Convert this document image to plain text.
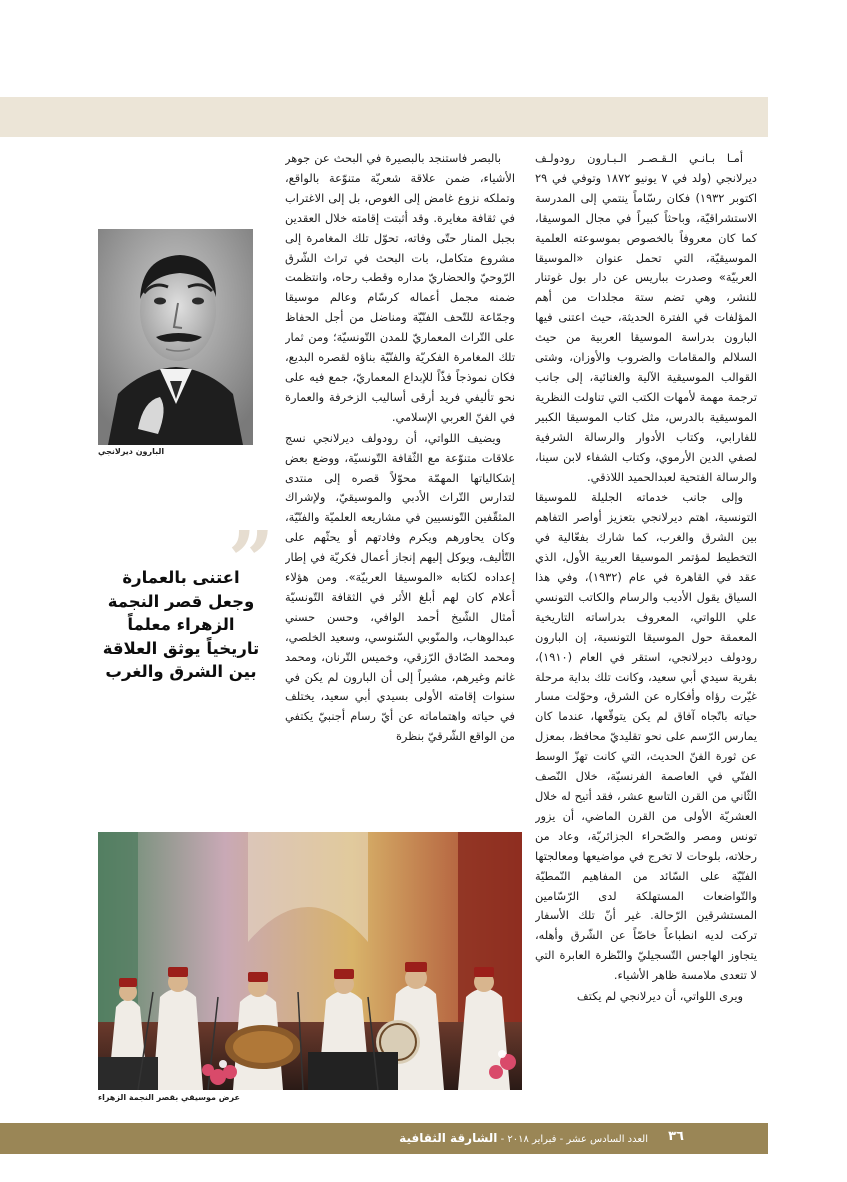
أمـا بـانـي الـقـصـر الـبـارون رودولـف ديرلانجي (ولد في ٧ يونيو ١٨٧٢ وتوفي في ٢٩ اكتوبر ١٩٣٢) فكان رسّاماً ينتمي إلى المدرسة الاستشراقيّة، وباحثاً كبيراً في مجال الموسيقا، كما كان معروفاً بالخصوص بموسوعته العلمية الموسيقيّة، التي تحمل عنوان «الموسيقا العربيّة» وصدرت بباريس عن دار بول غوتنار للنشر، وهي تضم ستة مجلدات من أهم المؤلفات في الفترة الحديثة، حيث اعتنى فيها البارون بدراسة الموسيقا العربية من حيث السلالم والمقامات والضروب والأوزان، وشتى القوالب الموسيقية الآلية والغنائية، إلى جانب ترجمة مهمة لأمهات الكتب التي تناولت النظرية الموسيقية بالدرس، مثل كتاب الموسيقا الكبير للفارابي، وكتاب الأدوار والرسالة الشرفية لصفي الدين الأرموي، وكتاب الشفاء لابن سينا، والرسالة الفتحية لعبدالحميد اللاذقي.

وإلى جانب خدماته الجليلة للموسيقا التونسية، اهتم ديرلانجي بتعزيز أواصر التفاهم بين الشرق والغرب، كما شارك بفعّالية في التخطيط لمؤتمر الموسيقا العربية الأول، الذي عقد في القاهرة في عام (١٩٣٢)، وفي هذا السياق يقول الأديب والرسام والكاتب التونسي علي اللواتي، المعروف بدراساته التاريخية المعمقة حول الموسيقا التونسية، إن البارون رودولف ديرلانجي، استقر في العام (١٩١٠)، بقرية سيدي أبي سعيد، وكانت تلك بداية مرحلة غيّرت رؤاه وأفكاره عن الشرق، وحوّلت مسار حياته باتّجاه آفاق لم يكن يتوقّعها، عندما كان يمارس الرّسم على نحو تقليديّ محافظ، بمعزل عن ثورة الفنّ الحديث، التي كانت تهزّ الوسط الفنّي في العاصمة الفرنسيّة، خلال النّصف الثّاني من القرن التاسع عشر، فقد أتيح له خلال العشريّة الأولى من القرن الماضي، أن يزور تونس ومصر والصّحراء الجزائريّة، وعاد من رحلاته، بلوحات لا تخرج في مواضيعها ومعالجتها الفنّيّة على السّائد من المفاهيم النّمطيّة والتّواضعات المستهلكة لدى الرّسّامين المستشرقين الرّحالة. غير أنّ تلك الأسفار تركت لديه انطباعاً خاصّاً عن الشّرق وأهله، يتجاوز الهاجس التّسجيليّ والنّظرة العابرة التي لا تتعدى ملامسة ظاهر الأشياء.

ويرى اللواتي، أن ديرلانجي لم يكتف

بالبصر فاستنجد بالبصيرة في البحث عن جوهر الأشياء، ضمن علاقة شعريّة متنوّعة بالواقع، وتملكه نزوع غامض إلى الغوص، بل إلى الاغتراب في ثقافة مغايرة. وقد أثبتت إقامته خلال العقدين بجبل المنار حتّى وفاته، تحوّل تلك المغامرة إلى مشروع متكامل، بات البحث في تراث الشّرق الرّوحيّ والحضاريّ مداره وقطب رحاه، وانتظمت ضمنه مجمل أعماله كرسّام وعالم موسيقا وجمّاعة للتّحف الفنّيّة ومناضل من أجل الحفاظ على التّراث المعماريّ للمدن التّونسيّة؛ ومن ثمار تلك المغامرة الفكريّة والفنّيّة بناؤه لقصره البديع، فكان نموذجاً فذّاً للإبداع المعماريّ، جمع فيه على نحو تأليفي فريد أرقى أساليب الزخرفة والعمارة في الفنّ العربي الإسلامي.

ويضيف اللواتي، أن رودولف ديرلانجي نسج علاقات متنوّعة مع الثّقافة التّونسيّة، ووضع بعض إشكالياتها المهمّة محوّلاً قصره إلى منتدى لتدارس التّراث الأدبي والموسيقيّ، ولإشراك المثقّفين التّونسيين في مشاريعه العلميّة والفنّيّة، وكان يحاورهم ويكرم وفادتهم أو يحثّهم على التّأليف، ويوكل إليهم إنجاز أعمال فكريّة في إطار إعداده لكتابه «الموسيقا العربيّة». ومن هؤلاء أعلام كان لهم أبلغ الأثر في الثقافة التّونسيّة أمثال الشّيخ أحمد الوافي، وحسن حسني عبدالوهاب، والمنّوبي السّنوسي، وسعيد الخلصي، ومحمد الصّادق الرّزقي، وخميس التّرنان، ومحمد غانم وغيرهم، مشيراً إلى أن البارون لم يكن في سنوات إقامته الأولى بسيدي أبي سعيد، يختلف في حياته واهتماماته عن أيّ رسام أجنبيّ يكتفي من الواقع الشّرقيّ بنظرة

البارون ديرلانجي
”
اعتنى بالعمارة وجعل قصر النجمة الزهراء معلماً تاريخياً يوثق العلاقة بين الشرق والغرب
عرض موسيقي بقصر النجمة الزهراء
العدد السادس عشر - فبراير ٢٠١٨ - الشارقة الثقافية	٣٦
